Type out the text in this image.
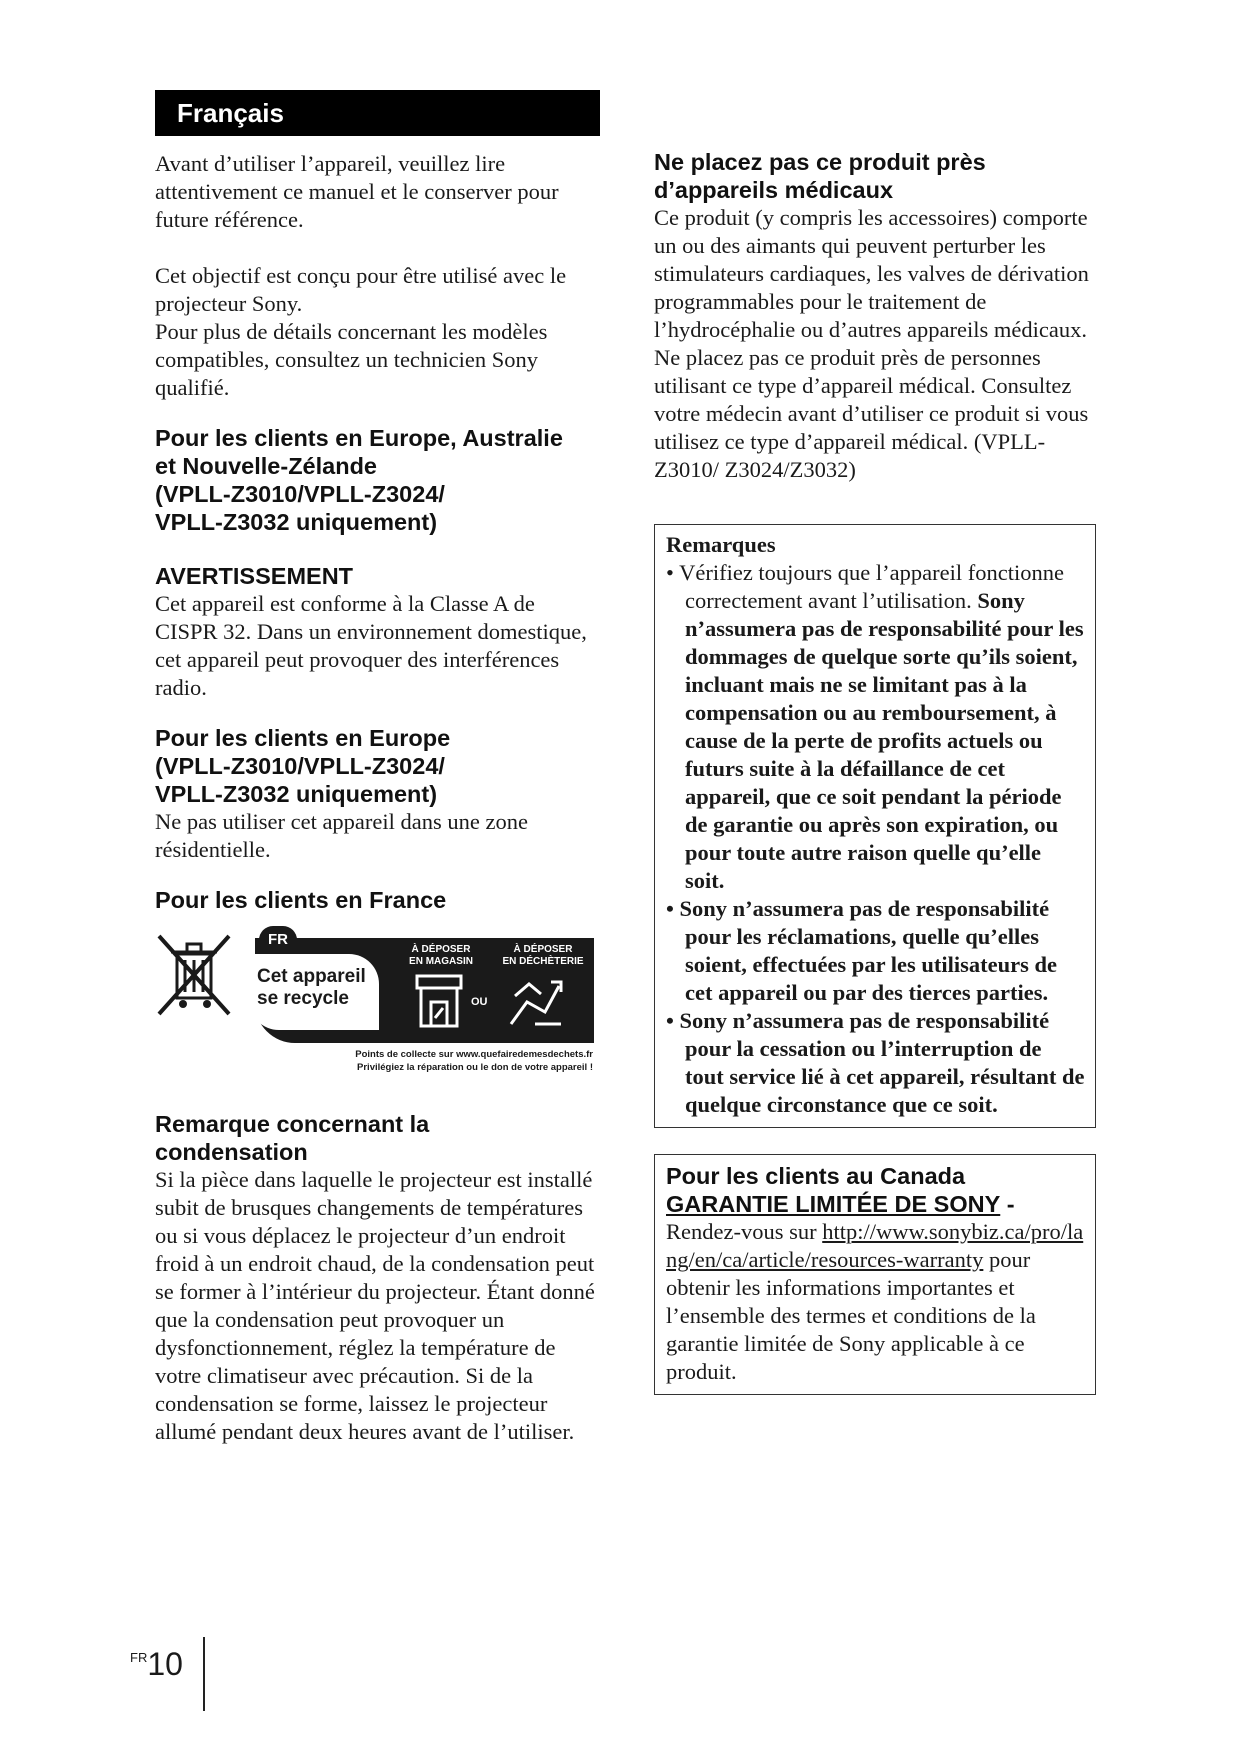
Français

Avant d’utiliser l’appareil, veuillez lire attentivement ce manuel et le conserver pour future référence.

Cet objectif est conçu pour être utilisé avec le projecteur Sony.

Pour plus de détails concernant les modèles compatibles, consultez un technicien Sony qualifié.

Pour les clients en Europe, Australie
et Nouvelle-Zélande
(VPLL-Z3010/VPLL-Z3024/
VPLL-Z3032 uniquement)
AVERTISSEMENT

Cet appareil est conforme à la Classe A de CISPR 32. Dans un environnement domestique, cet appareil peut provoquer des interférences radio.

Pour les clients en Europe
(VPLL-Z3010/VPLL-Z3024/
VPLL-Z3032 uniquement)

Ne pas utiliser cet appareil dans une zone résidentielle.

Pour les clients en France
FR
Cet appareil
se recycle
À DÉPOSER
EN MAGASIN
À DÉPOSER
EN DÉCHÈTERIE
OU
Points de collecte sur www.quefairedemesdechets.fr
Privilégiez la réparation ou le don de votre appareil !
Remarque concernant la
condensation

Si la pièce dans laquelle le projecteur est installé subit de brusques changements de températures ou si vous déplacez le projecteur d’un endroit froid à un endroit chaud, de la condensation peut se former à l’intérieur du projecteur. Étant donné que la condensation peut provoquer un dysfonctionnement, réglez la température de votre climatiseur avec précaution. Si de la condensation se forme, laissez le projecteur allumé pendant deux heures avant de l’utiliser.

Ne placez pas ce produit près
d’appareils médicaux

Ce produit (y compris les accessoires) comporte un ou des aimants qui peuvent perturber les stimulateurs cardiaques, les valves de dérivation programmables pour le traitement de l’hydrocéphalie ou d’autres appareils médicaux. Ne placez pas ce produit près de personnes utilisant ce type d’appareil médical. Consultez votre médecin avant d’utiliser ce produit si vous utilisez ce type d’appareil médical. (VPLL-Z3010/ Z3024/Z3032)

Remarques

• Vérifiez toujours que l’appareil fonctionne correctement avant l’utilisation. Sony n’assumera pas de responsabilité pour les dommages de quelque sorte qu’ils soient, incluant mais ne se limitant pas à la compensation ou au remboursement, à cause de la perte de profits actuels ou futurs suite à la défaillance de cet appareil, que ce soit pendant la période de garantie ou après son expiration, ou pour toute autre raison quelle qu’elle soit.
• Sony n’assumera pas de responsabilité pour les réclamations, quelle qu’elles soient, effectuées par les utilisateurs de cet appareil ou par des tierces parties.
• Sony n’assumera pas de responsabilité pour la cessation ou l’interruption de tout service lié à cet appareil, résultant de quelque circonstance que ce soit.
Pour les clients au Canada
GARANTIE LIMITÉE DE SONY -

Rendez-vous sur http://www.sonybiz.ca/pro/lang/en/ca/article/resources-warranty pour obtenir les informations importantes et l’ensemble des termes et conditions de la garantie limitée de Sony applicable à ce produit.

$^{FR}$10
